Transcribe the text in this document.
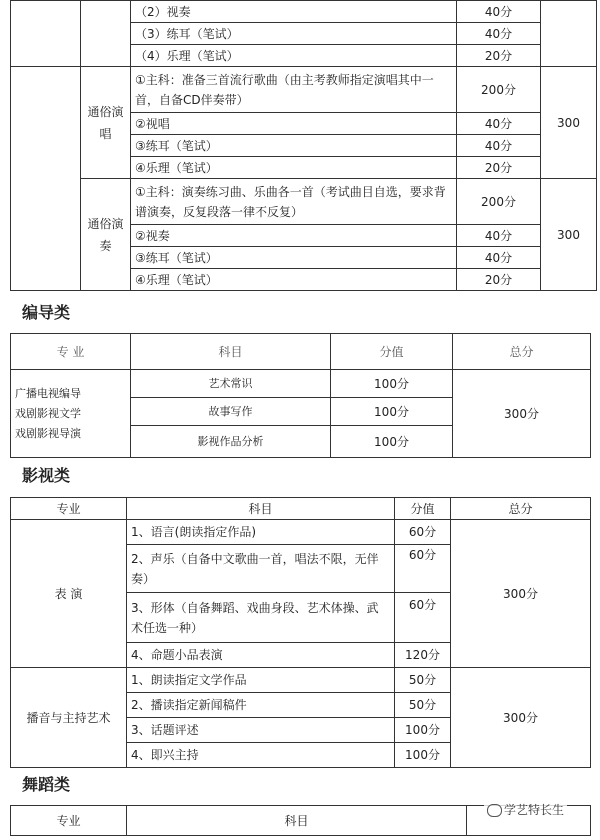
		（2）视奏	40分	
		（3）练耳（笔试）	40分	
		（4）乐理（笔试）	20分	
	通俗演唱	①主科：准备三首流行歌曲（由主考教师指定演唱其中一首，自备CD伴奏带）	200分	300
		②视唱	40分	
		③练耳（笔试）	40分	
		④乐理（笔试）	20分	
	通俗演奏	①主科：演奏练习曲、乐曲各一首（考试曲目自选，要求背谱演奏，反复段落一律不反复）	200分	300
		②视奏	40分	
		③练耳（笔试）	40分	
		④乐理（笔试）	20分	
编导类
专 业	科目	分值	总分

广播电视编导
戏剧影视文学
戏剧影视导演	艺术常识	100分	300分
	故事写作	100分	
	影视作品分析	100分	
影视类
专业	科目	分值	总分
表 演	1、语言(朗读指定作品)	60分	300分
	2、声乐（自备中文歌曲一首，唱法不限，无伴奏）	60分	
	3、形体（自备舞蹈、戏曲身段、艺术体操、武术任选一种）	60分	
	4、命题小品表演	120分	
播音与主持艺术	1、朗读指定文学作品	50分	300分
	2、播读指定新闻稿件	50分	
	3、话题评述	100分	
	4、即兴主持	100分	
舞蹈类
专业	科目	
学艺特长生
